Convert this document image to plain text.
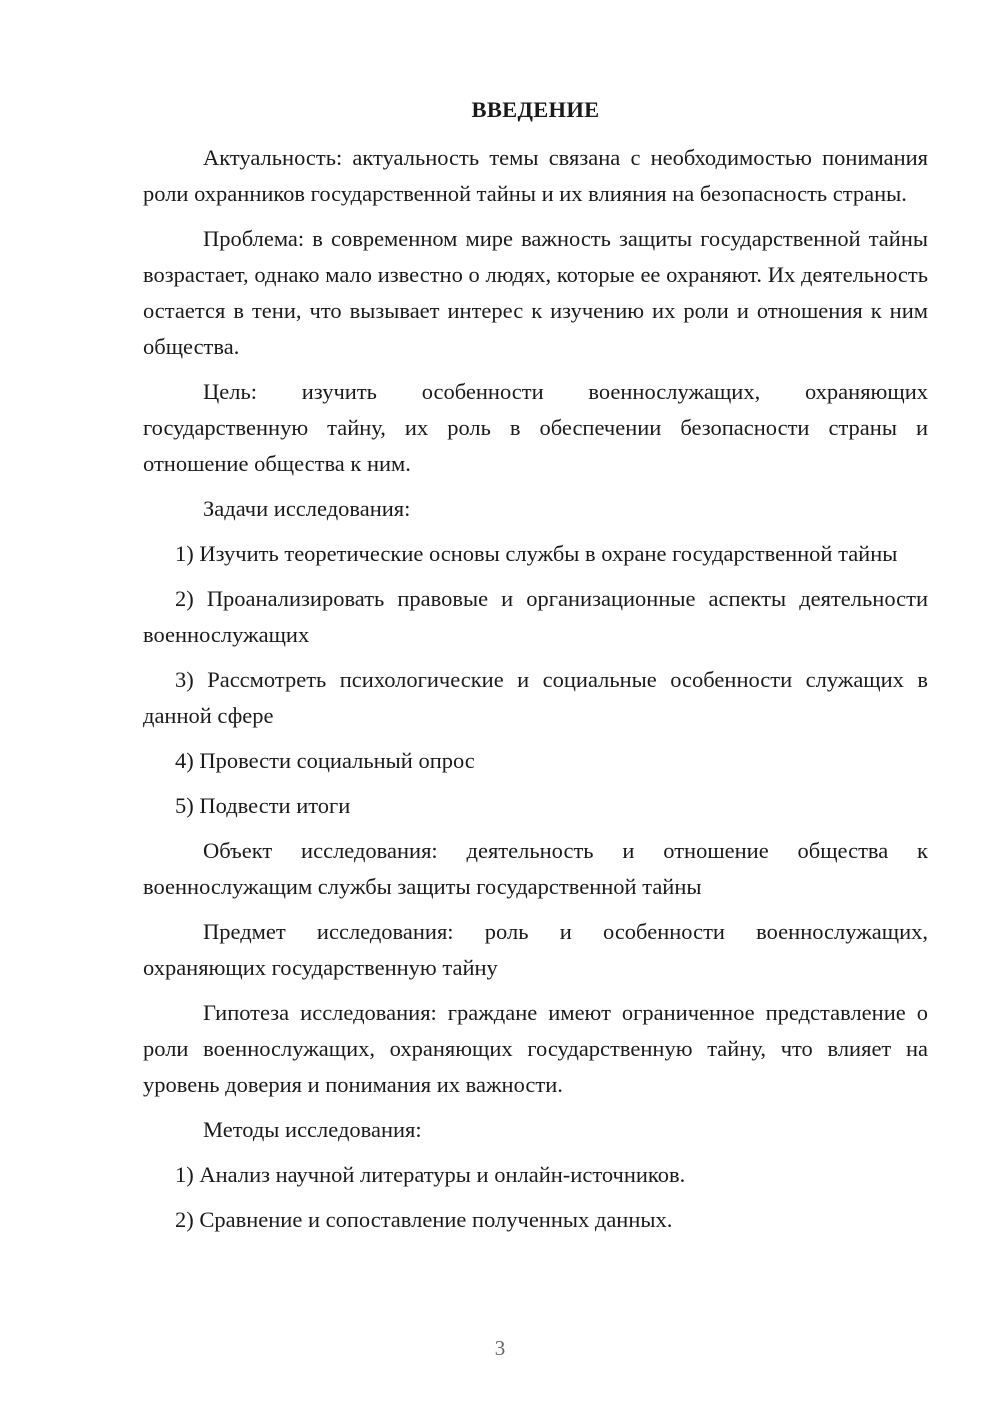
ВВЕДЕНИЕ

Актуальность: актуальность темы связана с необходимостью понимания роли охранников государственной тайны и их влияния на безопасность страны.

Проблема: в современном мире важность защиты государственной тайны возрастает, однако мало известно о людях, которые ее охраняют. Их деятельность остается в тени, что вызывает интерес к изучению их роли и отношения к ним общества.

Цель: изучить особенности военнослужащих, охраняющих государственную тайну, их роль в обеспечении безопасности страны и отношение общества к ним.

Задачи исследования:

1) Изучить теоретические основы службы в охране государственной тайны

2) Проанализировать правовые и организационные аспекты деятельности военнослужащих

3) Рассмотреть психологические и социальные особенности служащих в данной сфере

4) Провести социальный опрос

5) Подвести итоги

Объект исследования: деятельность и отношение общества к военнослужащим службы защиты государственной тайны

Предмет исследования: роль и особенности военнослужащих, охраняющих государственную тайну

Гипотеза исследования: граждане имеют ограниченное представление о роли военнослужащих, охраняющих государственную тайну, что влияет на уровень доверия и понимания их важности.

Методы исследования:

1) Анализ научной литературы и онлайн-источников.

2) Сравнение и сопоставление полученных данных.

3
